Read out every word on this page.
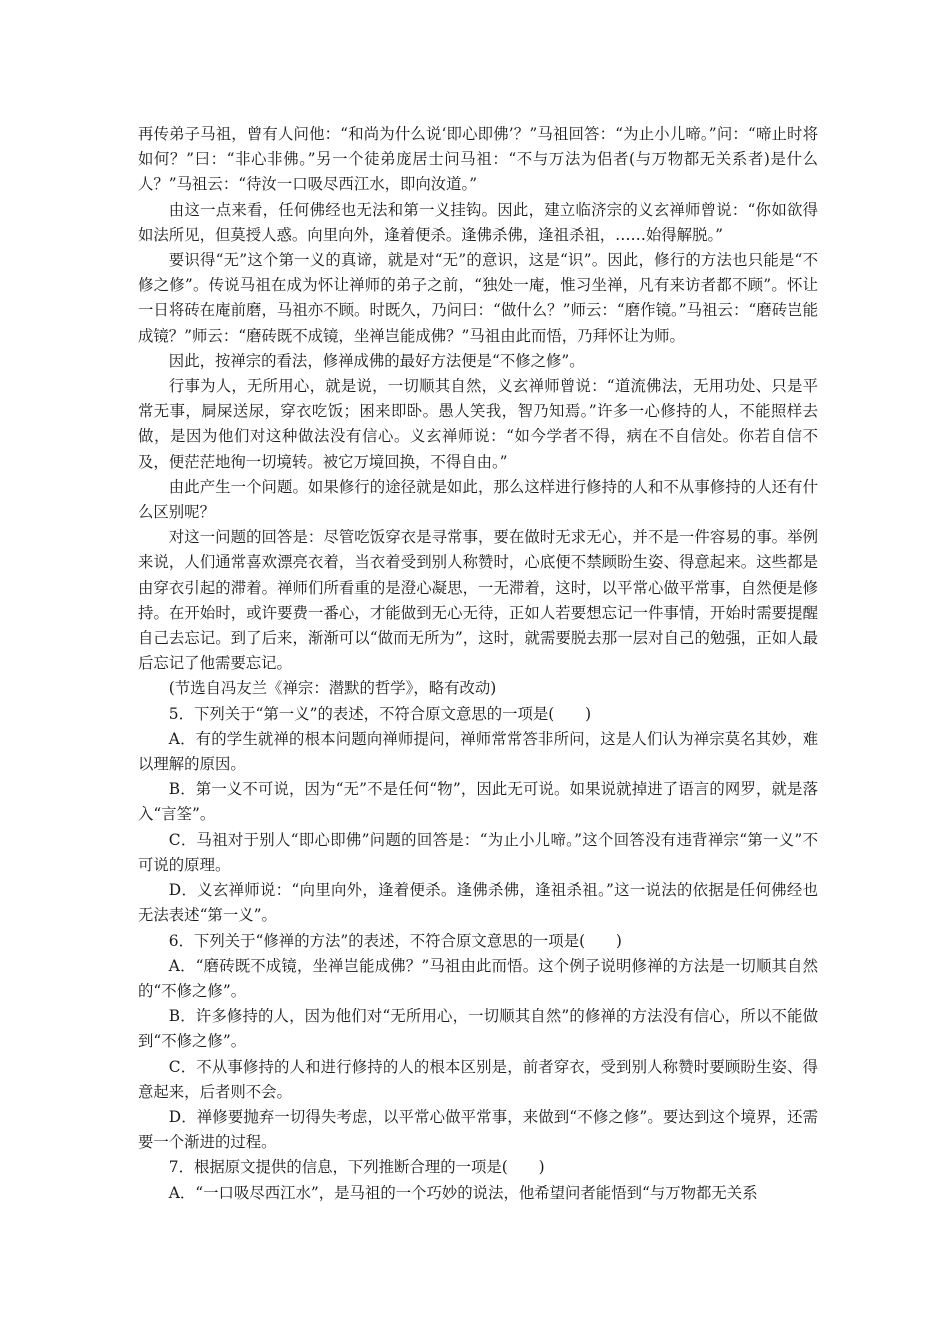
再传弟子马祖，曾有人问他：“和尚为什么说‘即心即佛’？”马祖回答：“为止小儿啼。”问：“啼止时将如何？”曰：“非心非佛。”另一个徒弟庞居士问马祖：“不与万法为侣者(与万物都无关系者)是什么人？”马祖云：“待汝一口吸尽西江水，即向汝道。”

由这一点来看，任何佛经也无法和第一义挂钩。因此，建立临济宗的义玄禅师曾说：“你如欲得如法所见，但莫授人惑。向里向外，逢着便杀。逢佛杀佛，逢祖杀祖，……始得解脱。”

要识得“无”这个第一义的真谛，就是对“无”的意识，这是“识”。因此，修行的方法也只能是“不修之修”。传说马祖在成为怀让禅师的弟子之前，“独处一庵，惟习坐禅，凡有来访者都不顾”。怀让一日将砖在庵前磨，马祖亦不顾。时既久，乃问曰：“做什么？”师云：“磨作镜。”马祖云：“磨砖岂能成镜？”师云：“磨砖既不成镜，坐禅岂能成佛？”马祖由此而悟，乃拜怀让为师。

因此，按禅宗的看法，修禅成佛的最好方法便是“不修之修”。

行事为人，无所用心，就是说，一切顺其自然，义玄禅师曾说：“道流佛法，无用功处、只是平常无事，屙屎送尿，穿衣吃饭；困来即卧。愚人笑我，智乃知焉。”许多一心修持的人，不能照样去做，是因为他们对这种做法没有信心。义玄禅师说：“如今学者不得，病在不自信处。你若自信不及，便茫茫地徇一切境转。被它万境回换，不得自由。”

由此产生一个问题。如果修行的途径就是如此，那么这样进行修持的人和不从事修持的人还有什么区别呢？

对这一问题的回答是：尽管吃饭穿衣是寻常事，要在做时无求无心，并不是一件容易的事。举例来说，人们通常喜欢漂亮衣着，当衣着受到别人称赞时，心底便不禁顾盼生姿、得意起来。这些都是由穿衣引起的滞着。禅师们所看重的是澄心凝思，一无滞着，这时，以平常心做平常事，自然便是修持。在开始时，或许要费一番心，才能做到无心无待，正如人若要想忘记一件事情，开始时需要提醒自己去忘记。到了后来，渐渐可以“做而无所为”，这时，就需要脱去那一层对自己的勉强，正如人最后忘记了他需要忘记。

(节选自冯友兰《禅宗：潜默的哲学》，略有改动)

5．下列关于“第一义”的表述，不符合原文意思的一项是(　　)

A．有的学生就禅的根本问题向禅师提问，禅师常常答非所问，这是人们认为禅宗莫名其妙，难以理解的原因。

B．第一义不可说，因为“无”不是任何“物”，因此无可说。如果说就掉进了语言的网罗，就是落入“言筌”。

C．马祖对于别人“即心即佛”问题的回答是：“为止小儿啼。”这个回答没有违背禅宗“第一义”不可说的原理。

D．义玄禅师说：“向里向外，逢着便杀。逢佛杀佛，逢祖杀祖。”这一说法的依据是任何佛经也无法表述“第一义”。

6．下列关于“修禅的方法”的表述，不符合原文意思的一项是(　　)

A．“磨砖既不成镜，坐禅岂能成佛？”马祖由此而悟。这个例子说明修禅的方法是一切顺其自然的“不修之修”。

B．许多修持的人，因为他们对“无所用心，一切顺其自然”的修禅的方法没有信心，所以不能做到“不修之修”。

C．不从事修持的人和进行修持的人的根本区别是，前者穿衣，受到别人称赞时要顾盼生姿、得意起来，后者则不会。

D．禅修要抛弃一切得失考虑，以平常心做平常事，来做到“不修之修”。要达到这个境界，还需要一个渐进的过程。

7．根据原文提供的信息，下列推断合理的一项是(　　)

A．“一口吸尽西江水”，是马祖的一个巧妙的说法，他希望问者能悟到“与万物都无关系
